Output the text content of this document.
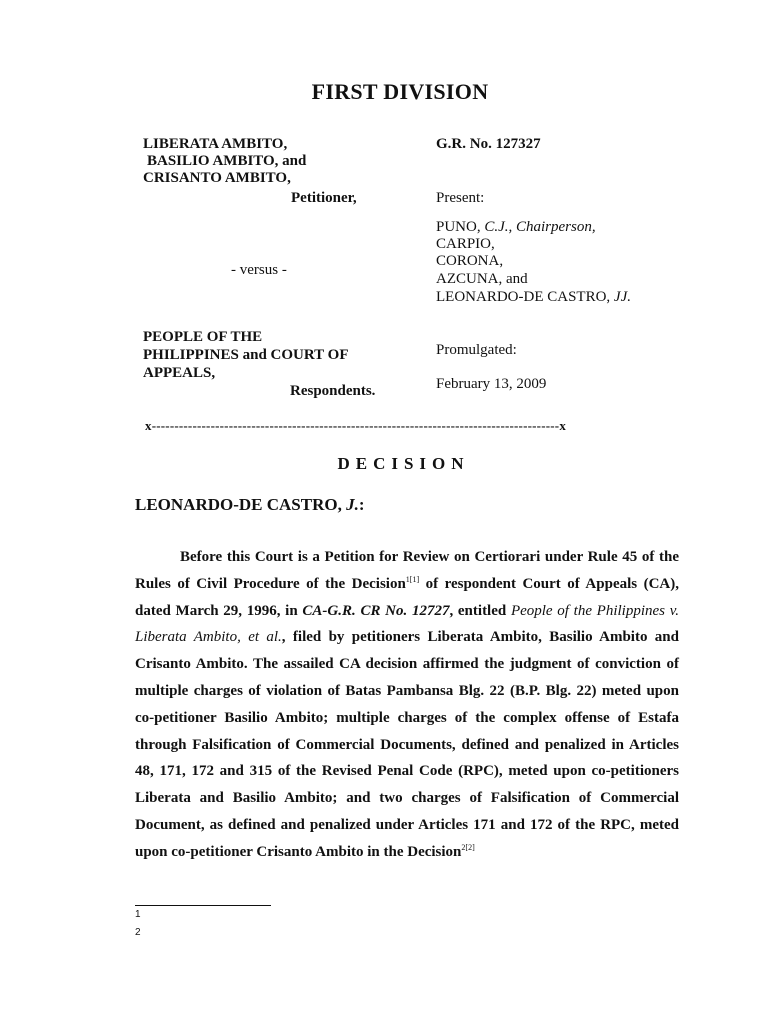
FIRST DIVISION
LIBERATA AMBITO,
BASILIO AMBITO, and
CRISANTO AMBITO,
Petitioner,
- versus -
PEOPLE OF THE
PHILIPPINES and COURT OF
APPEALS,
Respondents.
G.R. No. 127327
Present:
PUNO, C.J., Chairperson,
CARPIO,
CORONA,
AZCUNA, and
LEONARDO-DE CASTRO, JJ.
Promulgated:
February 13, 2009
x------------------------------------------------------------------------------------------x
DECISION
LEONARDO-DE CASTRO, J.:

Before this Court is a Petition for Review on Certiorari under Rule 45 of the Rules of Civil Procedure of the Decision$^{1[1]}$ of respondent Court of Appeals (CA), dated March 29, 1996, in CA-G.R. CR No. 12727, entitled People of the Philippines v. Liberata Ambito, et al., filed by petitioners Liberata Ambito, Basilio Ambito and Crisanto Ambito. The assailed CA decision affirmed the judgment of conviction of multiple charges of violation of Batas Pambansa Blg. 22 (B.P. Blg. 22) meted upon co-petitioner Basilio Ambito; multiple charges of the complex offense of Estafa through Falsification of Commercial Documents, defined and penalized in Articles 48, 171, 172 and 315 of the Revised Penal Code (RPC), meted upon co-petitioners Liberata and Basilio Ambito; and two charges of Falsification of Commercial Document, as defined and penalized under Articles 171 and 172 of the RPC, meted upon co-petitioner Crisanto Ambito in the Decision$^{2[2]}$

1
2
